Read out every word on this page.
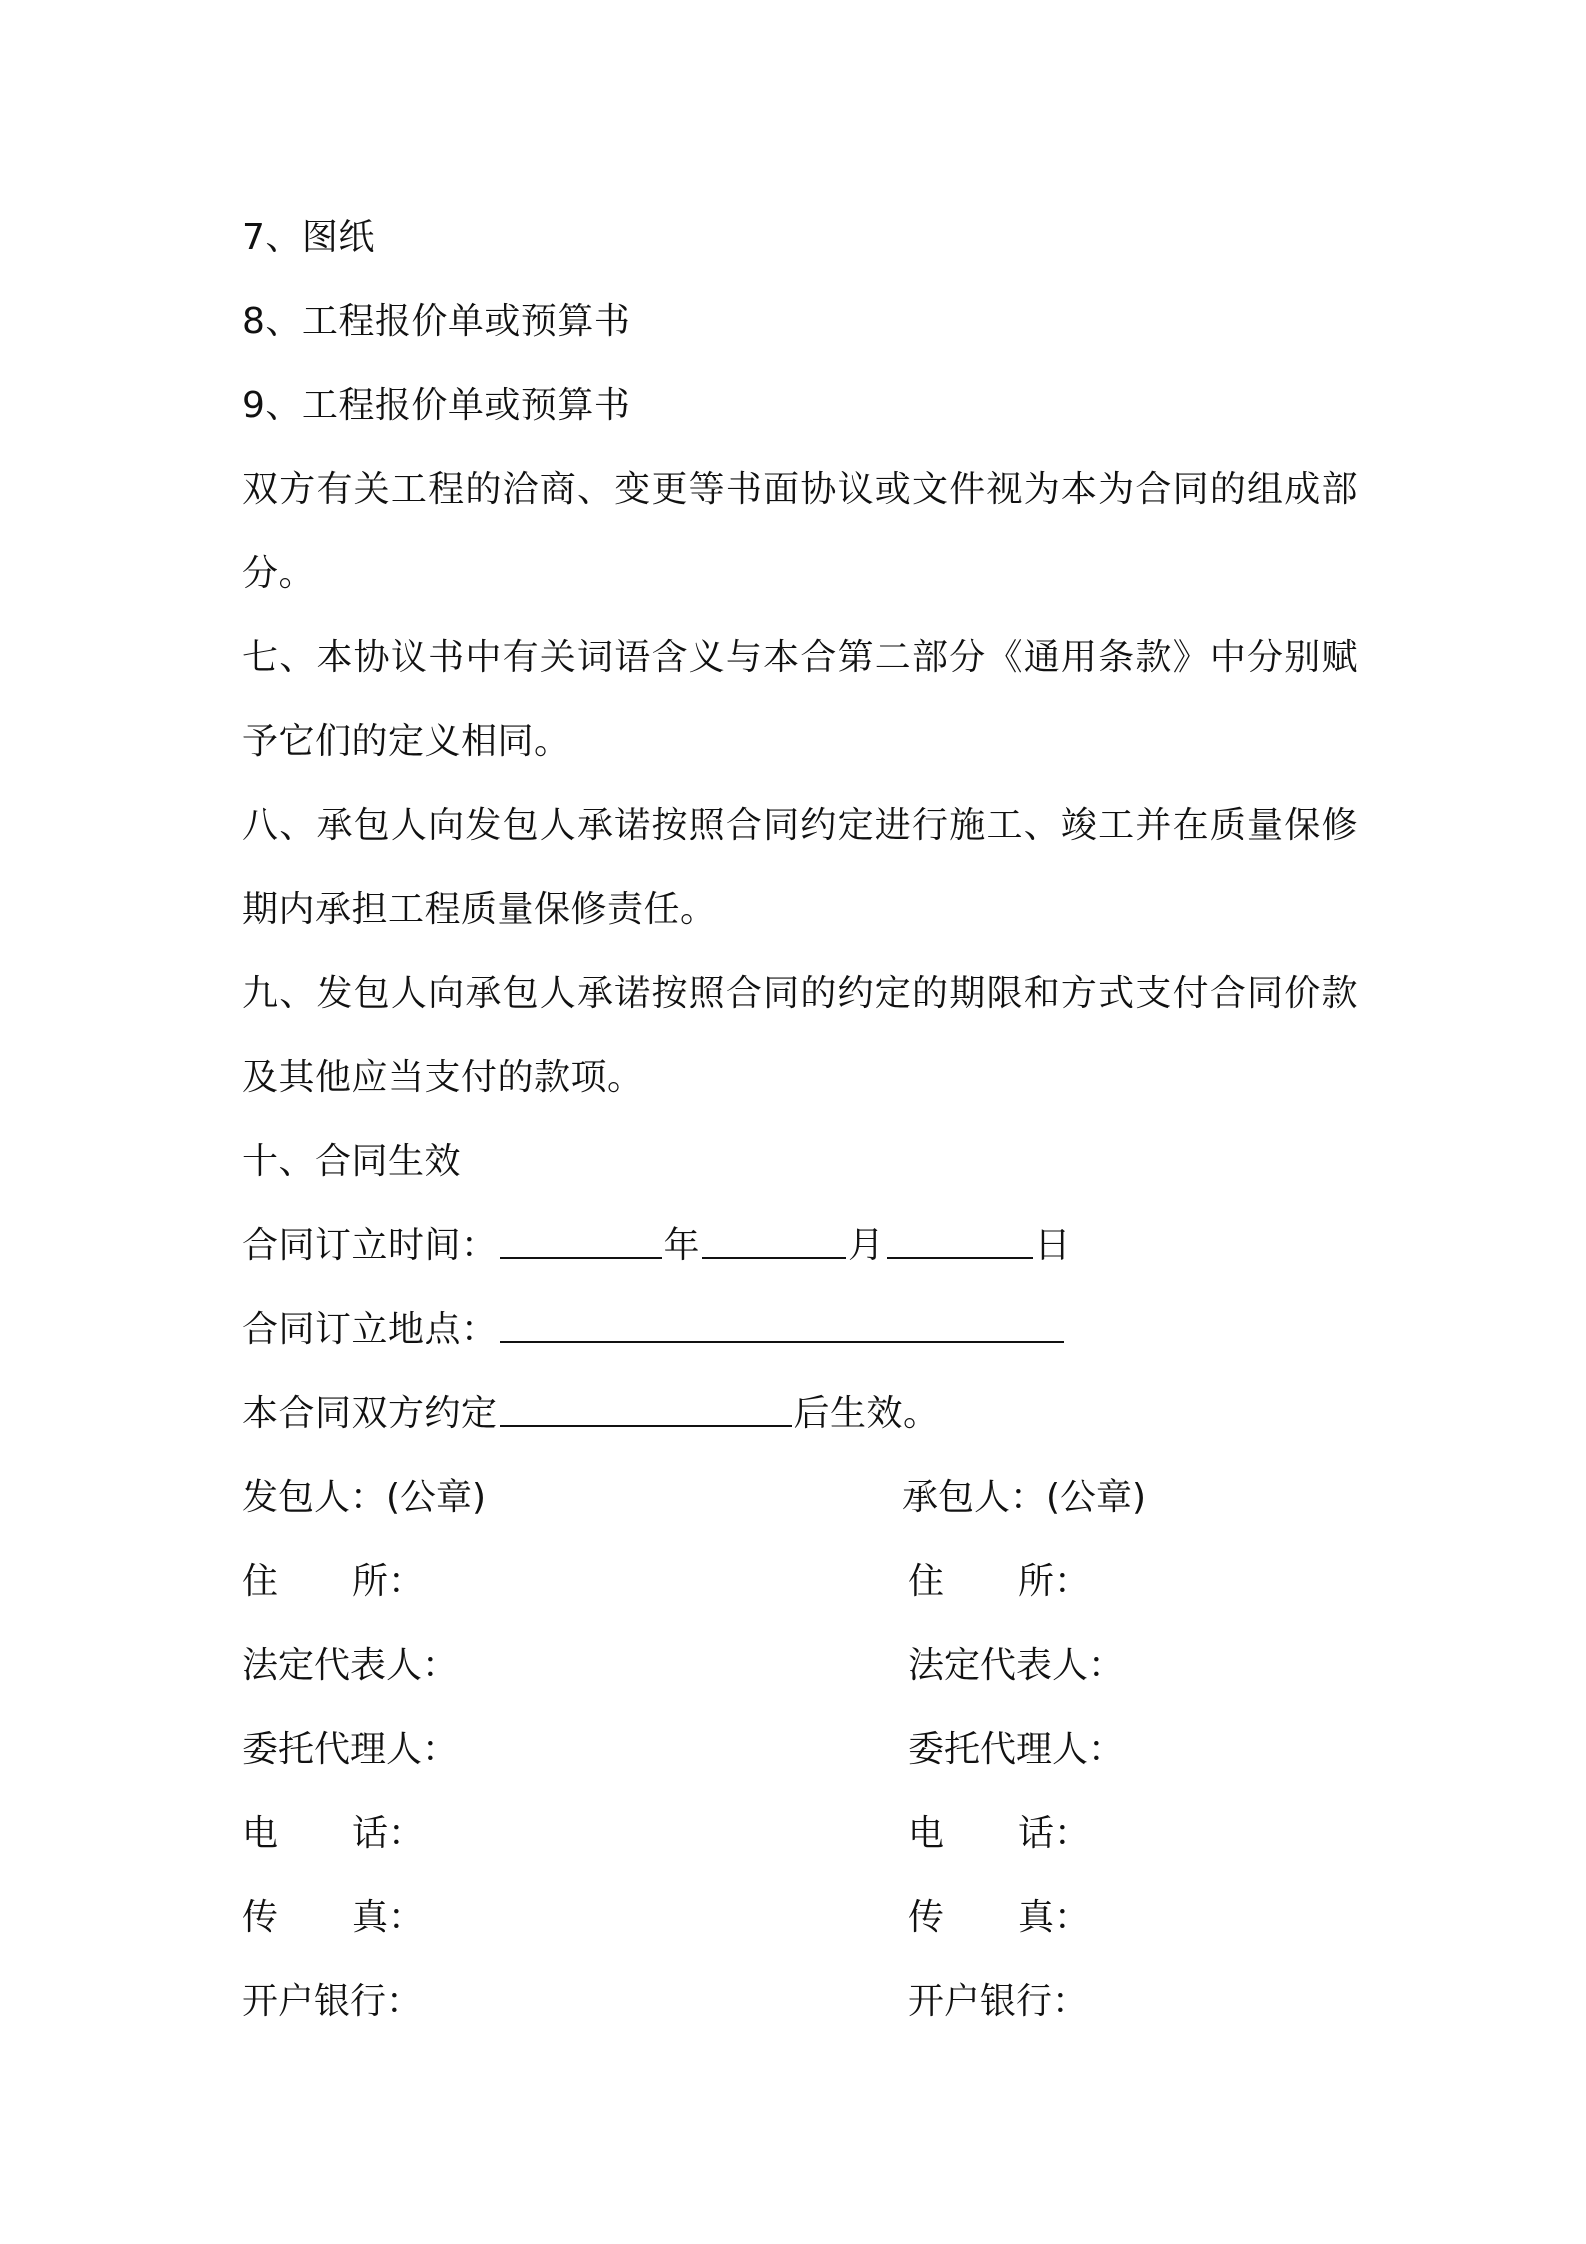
7、图纸
8、工程报价单或预算书
9、工程报价单或预算书
双方有关工程的洽商、变更等书面协议或文件视为本为合同的组成部
分。
七、本协议书中有关词语含义与本合第二部分《通用条款》中分别赋
予它们的定义相同。
八、承包人向发包人承诺按照合同约定进行施工、竣工并在质量保修
期内承担工程质量保修责任。
九、发包人向承包人承诺按照合同的约定的期限和方式支付合同价款
及其他应当支付的款项。
十、合同生效
合同订立时间：	年	月	日
合同订立地点：
本合同双方约定	后生效。
发包人：(公章)	承包人：(公章)
住 所：	住 所：
法定代表人：	法定代表人：
委托代理人：	委托代理人：
电 话：	电 话：
传 真：	传 真：
开户银行：	开户银行：
